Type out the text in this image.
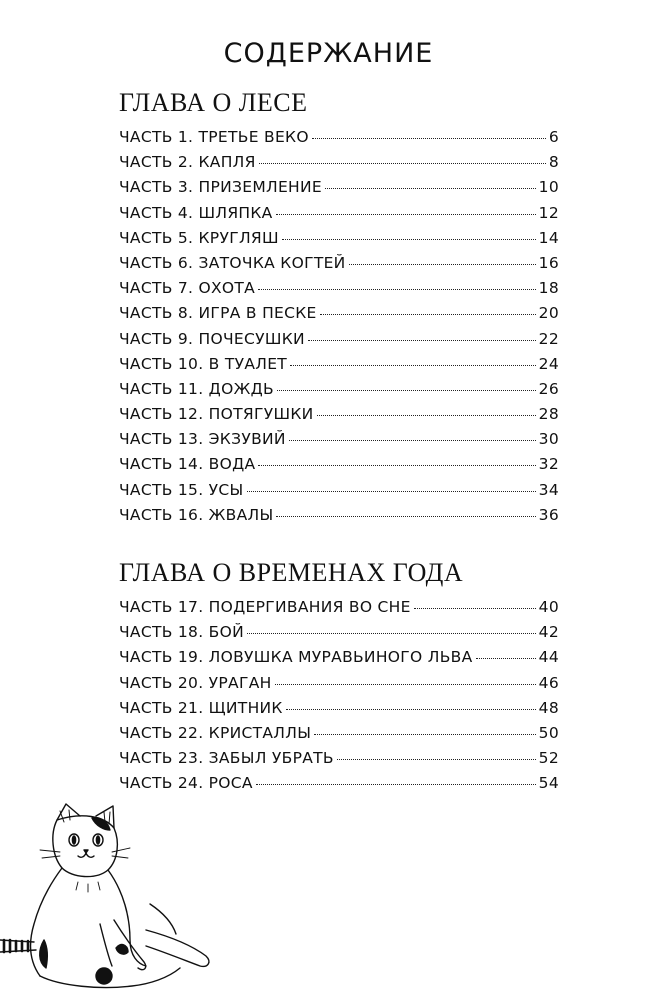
СОДЕРЖАНИЕ
ГЛАВА О ЛЕСЕ
ЧАСТЬ 1. ТРЕТЬЕ ВЕКО	6
ЧАСТЬ 2. КАПЛЯ	8
ЧАСТЬ 3. ПРИЗЕМЛЕНИЕ	10
ЧАСТЬ 4. ШЛЯПКА	12
ЧАСТЬ 5. КРУГЛЯШ	14
ЧАСТЬ 6. ЗАТОЧКА КОГТЕЙ	16
ЧАСТЬ 7. ОХОТА	18
ЧАСТЬ 8. ИГРА В ПЕСКЕ	20
ЧАСТЬ 9. ПОЧЕСУШКИ	22
ЧАСТЬ 10. В ТУАЛЕТ	24
ЧАСТЬ 11. ДОЖДЬ	26
ЧАСТЬ 12. ПОТЯГУШКИ	28
ЧАСТЬ 13. ЭКЗУВИЙ	30
ЧАСТЬ 14. ВОДА	32
ЧАСТЬ 15. УСЫ	34
ЧАСТЬ 16. ЖВАЛЫ	36
ГЛАВА О ВРЕМЕНАХ ГОДА
ЧАСТЬ 17. ПОДЕРГИВАНИЯ ВО СНЕ	40
ЧАСТЬ 18. БОЙ	42
ЧАСТЬ 19. ЛОВУШКА МУРАВЬИНОГО ЛЬВА	44
ЧАСТЬ 20. УРАГАН	46
ЧАСТЬ 21. ЩИТНИК	48
ЧАСТЬ 22. КРИСТАЛЛЫ	50
ЧАСТЬ 23. ЗАБЫЛ УБРАТЬ	52
ЧАСТЬ 24. РОСА	54
